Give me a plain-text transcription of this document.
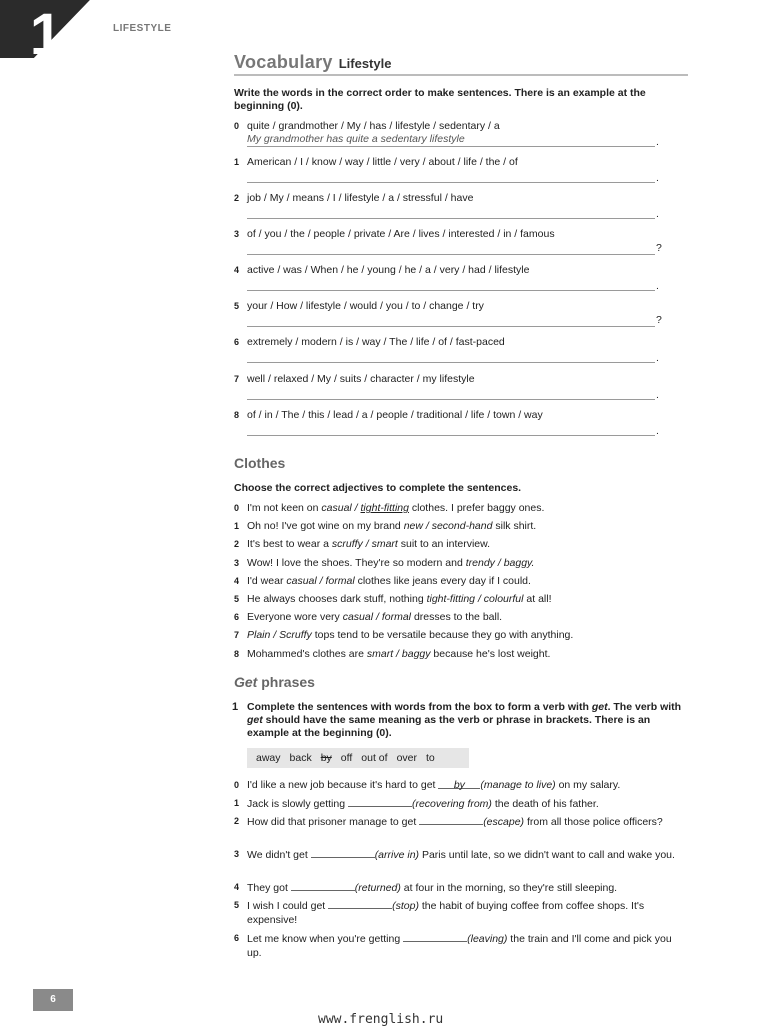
1	LIFESTYLE
Vocabulary Lifestyle
Write the words in the correct order to make sentences. There is an example at the beginning (0).
0 quite / grandmother / My / has / lifestyle / sedentary / a
My grandmother has quite a sedentary lifestyle	.
1 American / I / know / way / little / very / about / life / the / of
.
2 job / My / means / I / lifestyle / a / stressful / have
.
3 of / you / the / people / private / Are / lives / interested / in / famous
?
4 active / was / When / he / young / he / a / very / had / lifestyle
.
5 your / How / lifestyle / would / you / to / change / try
?
6 extremely / modern / is / way / The / life / of / fast-paced
.
7 well / relaxed / My / suits / character / my lifestyle
.
8 of / in / The / this / lead / a / people / traditional / life / town / way
.
Clothes
Choose the correct adjectives to complete the sentences.
0 I'm not keen on casual / tight-fitting clothes. I prefer baggy ones.
1 Oh no! I've got wine on my brand new / second-hand silk shirt.
2 It's best to wear a scruffy / smart suit to an interview.
3 Wow! I love the shoes. They're so modern and trendy / baggy.
4 I'd wear casual / formal clothes like jeans every day if I could.
5 He always chooses dark stuff, nothing tight-fitting / colourful at all!
6 Everyone wore very casual / formal dresses to the ball.
7 Plain / Scruffy tops tend to be versatile because they go with anything.
8 Mohammed's clothes are smart / baggy because he's lost weight.
Get phrases
1 Complete the sentences with words from the box to form a verb with get. The verb with get should have the same meaning as the verb or phrase in brackets. There is an example at the beginning (0).
away back by off out of over to
0 I'd like a new job because it's hard to get by (manage to live) on my salary.
1 Jack is slowly getting	(recovering from) the death of his father.
2 How did that prisoner manage to get	(escape) from all those police officers?
3 We didn't get	(arrive in) Paris until late, so we didn't want to call and wake you.
4 They got	(returned) at four in the morning, so they're still sleeping.
5 I wish I could get	(stop) the habit of buying coffee from coffee shops. It's expensive!
6 Let me know when you're getting	(leaving) the train and I'll come and pick you up.
6
www.frenglish.ru
